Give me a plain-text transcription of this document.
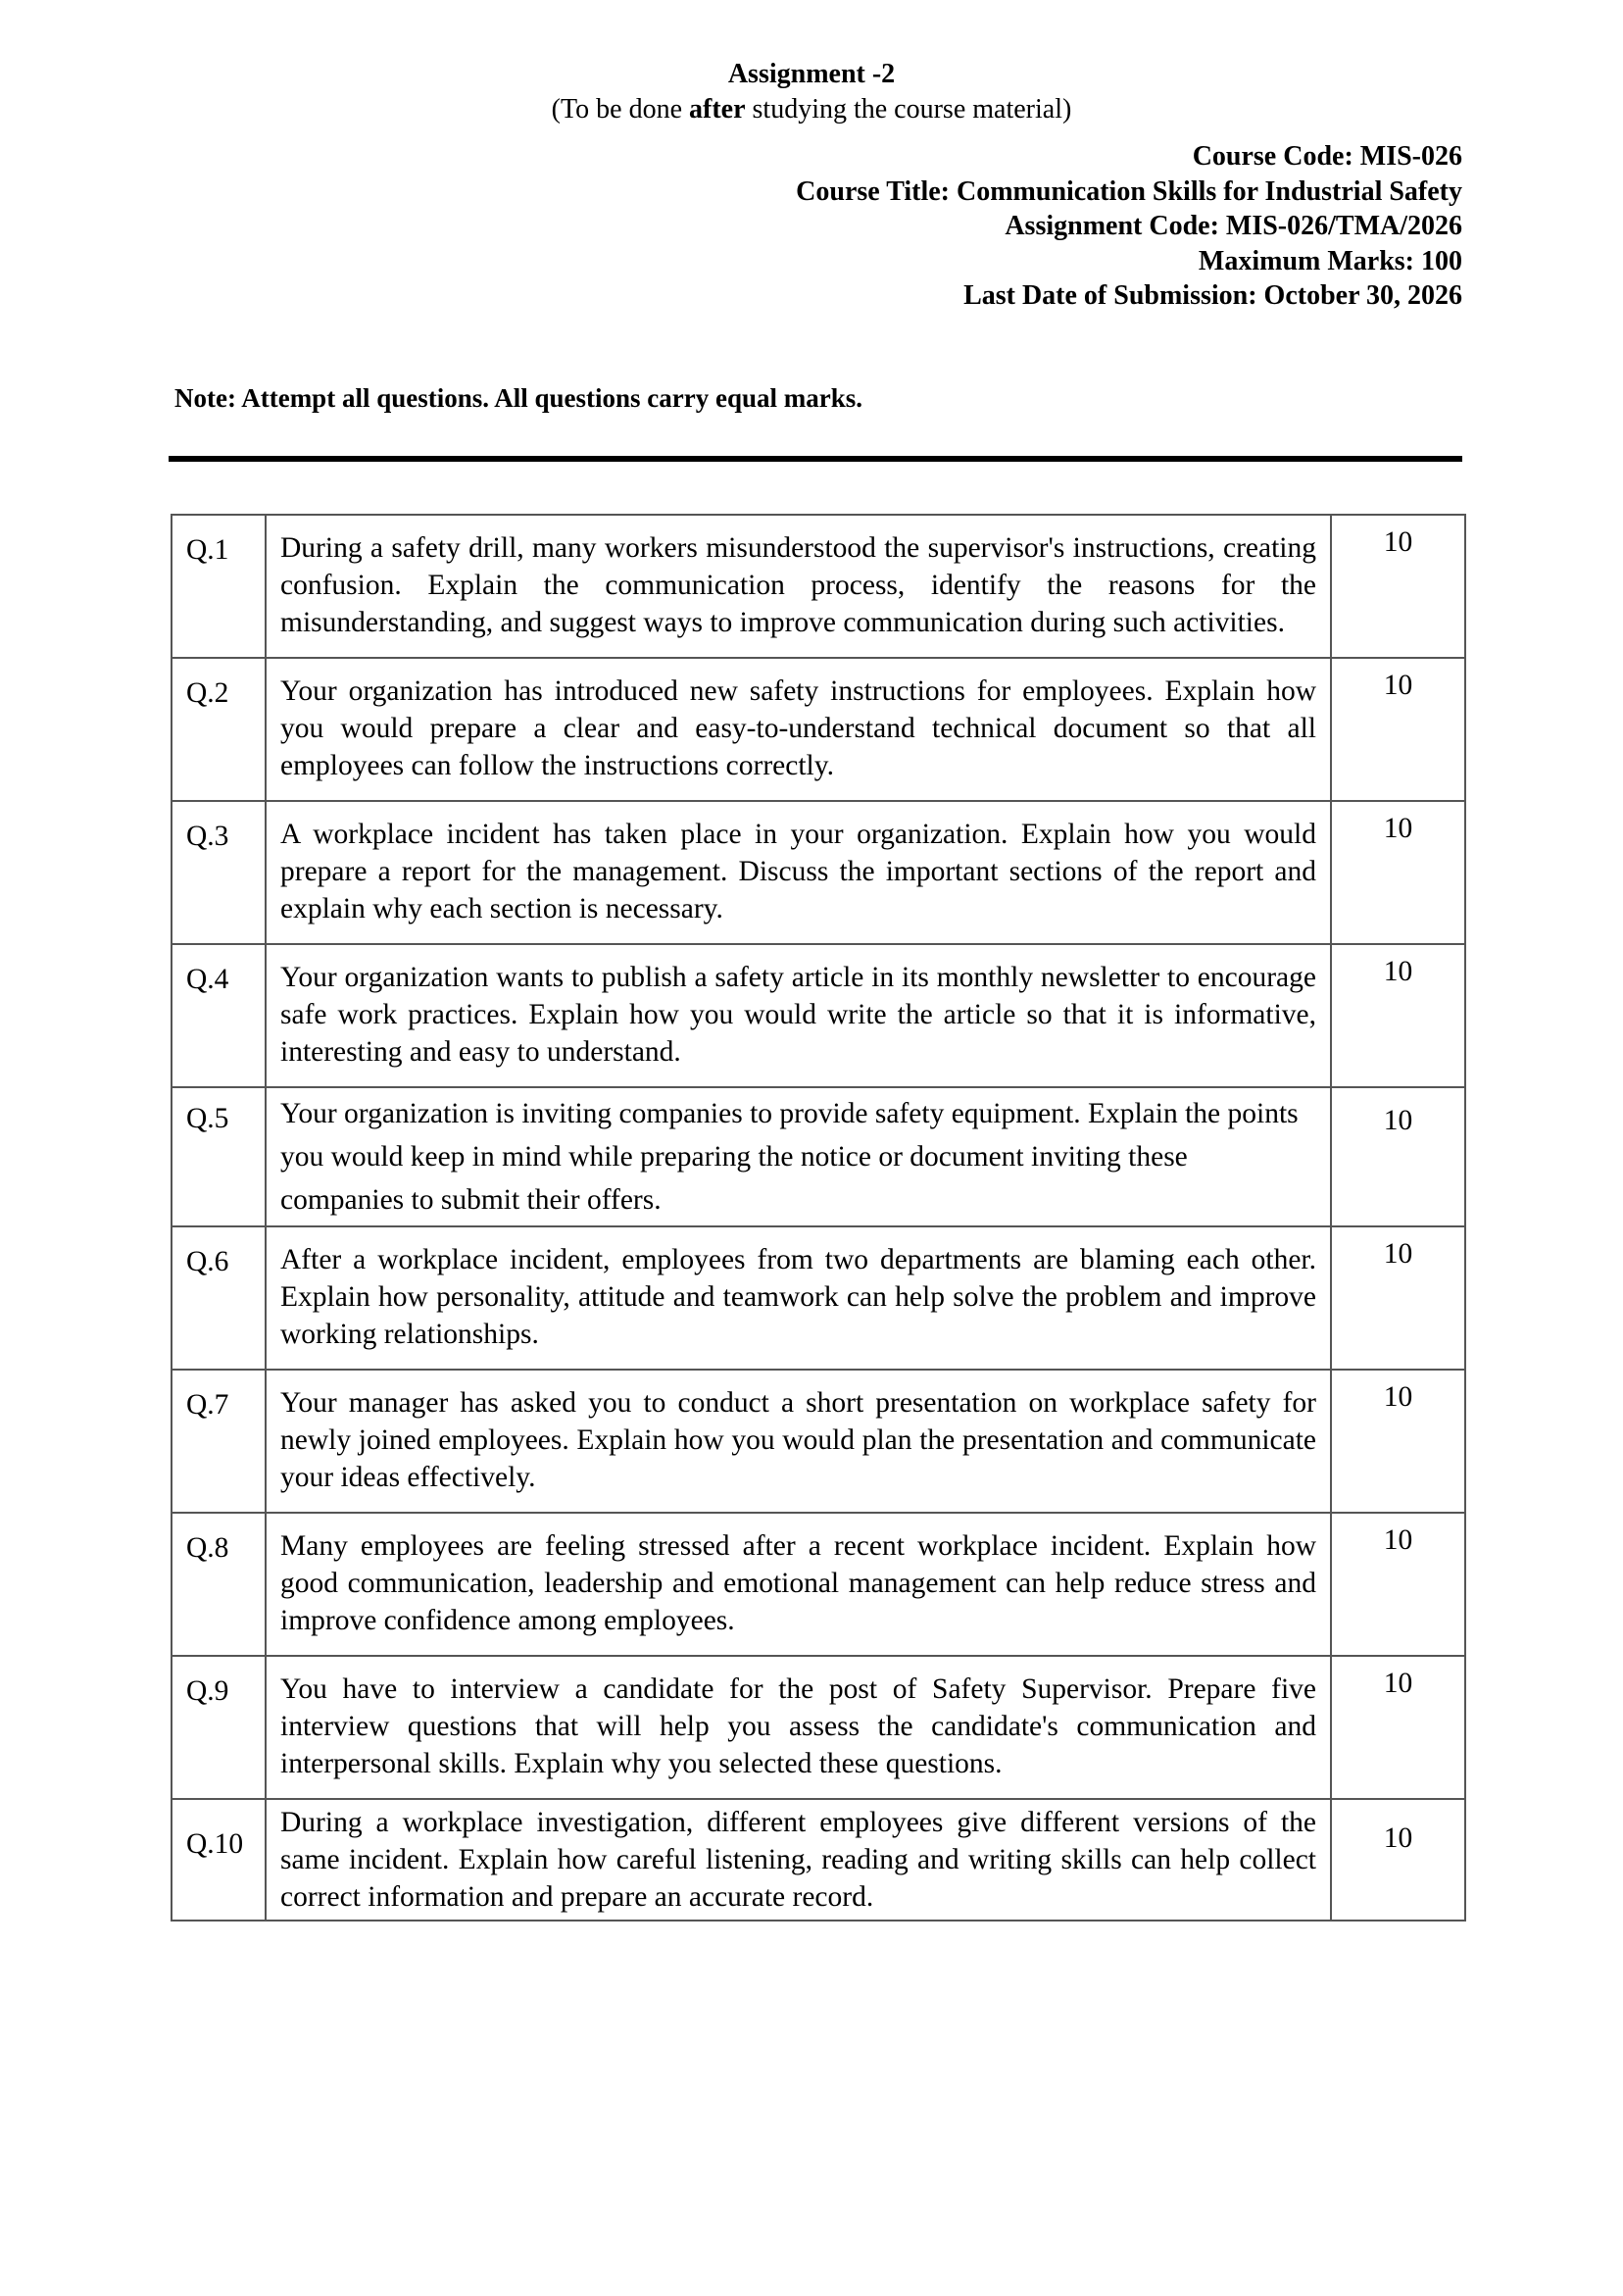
Assignment -2
(To be done after studying the course material)
Course Code: MIS-026
Course Title: Communication Skills for Industrial Safety
Assignment Code: MIS-026/TMA/2026
Maximum Marks: 100
Last Date of Submission: October 30, 2026
Note: Attempt all questions. All questions carry equal marks.
Q.1	During a safety drill, many workers misunderstood the supervisor's instructions, creating confusion. Explain the communication process, identify the reasons for the misunderstanding, and suggest ways to improve communication during such activities.	10
Q.2	Your organization has introduced new safety instructions for employees. Explain how you would prepare a clear and easy-to-understand technical document so that all employees can follow the instructions correctly.	10
Q.3	A workplace incident has taken place in your organization. Explain how you would prepare a report for the management. Discuss the important sections of the report and explain why each section is necessary.	10
Q.4	Your organization wants to publish a safety article in its monthly newsletter to encourage safe work practices. Explain how you would write the article so that it is informative, interesting and easy to understand.	10
Q.5	Your organization is inviting companies to provide safety equipment. Explain the points you would keep in mind while preparing the notice or document inviting these companies to submit their offers.	10
Q.6	After a workplace incident, employees from two departments are blaming each other. Explain how personality, attitude and teamwork can help solve the problem and improve working relationships.	10
Q.7	Your manager has asked you to conduct a short presentation on workplace safety for newly joined employees. Explain how you would plan the presentation and communicate your ideas effectively.	10
Q.8	Many employees are feeling stressed after a recent workplace incident. Explain how good communication, leadership and emotional management can help reduce stress and improve confidence among employees.	10
Q.9	You have to interview a candidate for the post of Safety Supervisor. Prepare five interview questions that will help you assess the candidate's communication and interpersonal skills. Explain why you selected these questions.	10
Q.10	During a workplace investigation, different employees give different versions of the same incident. Explain how careful listening, reading and writing skills can help collect correct information and prepare an accurate record.	10
